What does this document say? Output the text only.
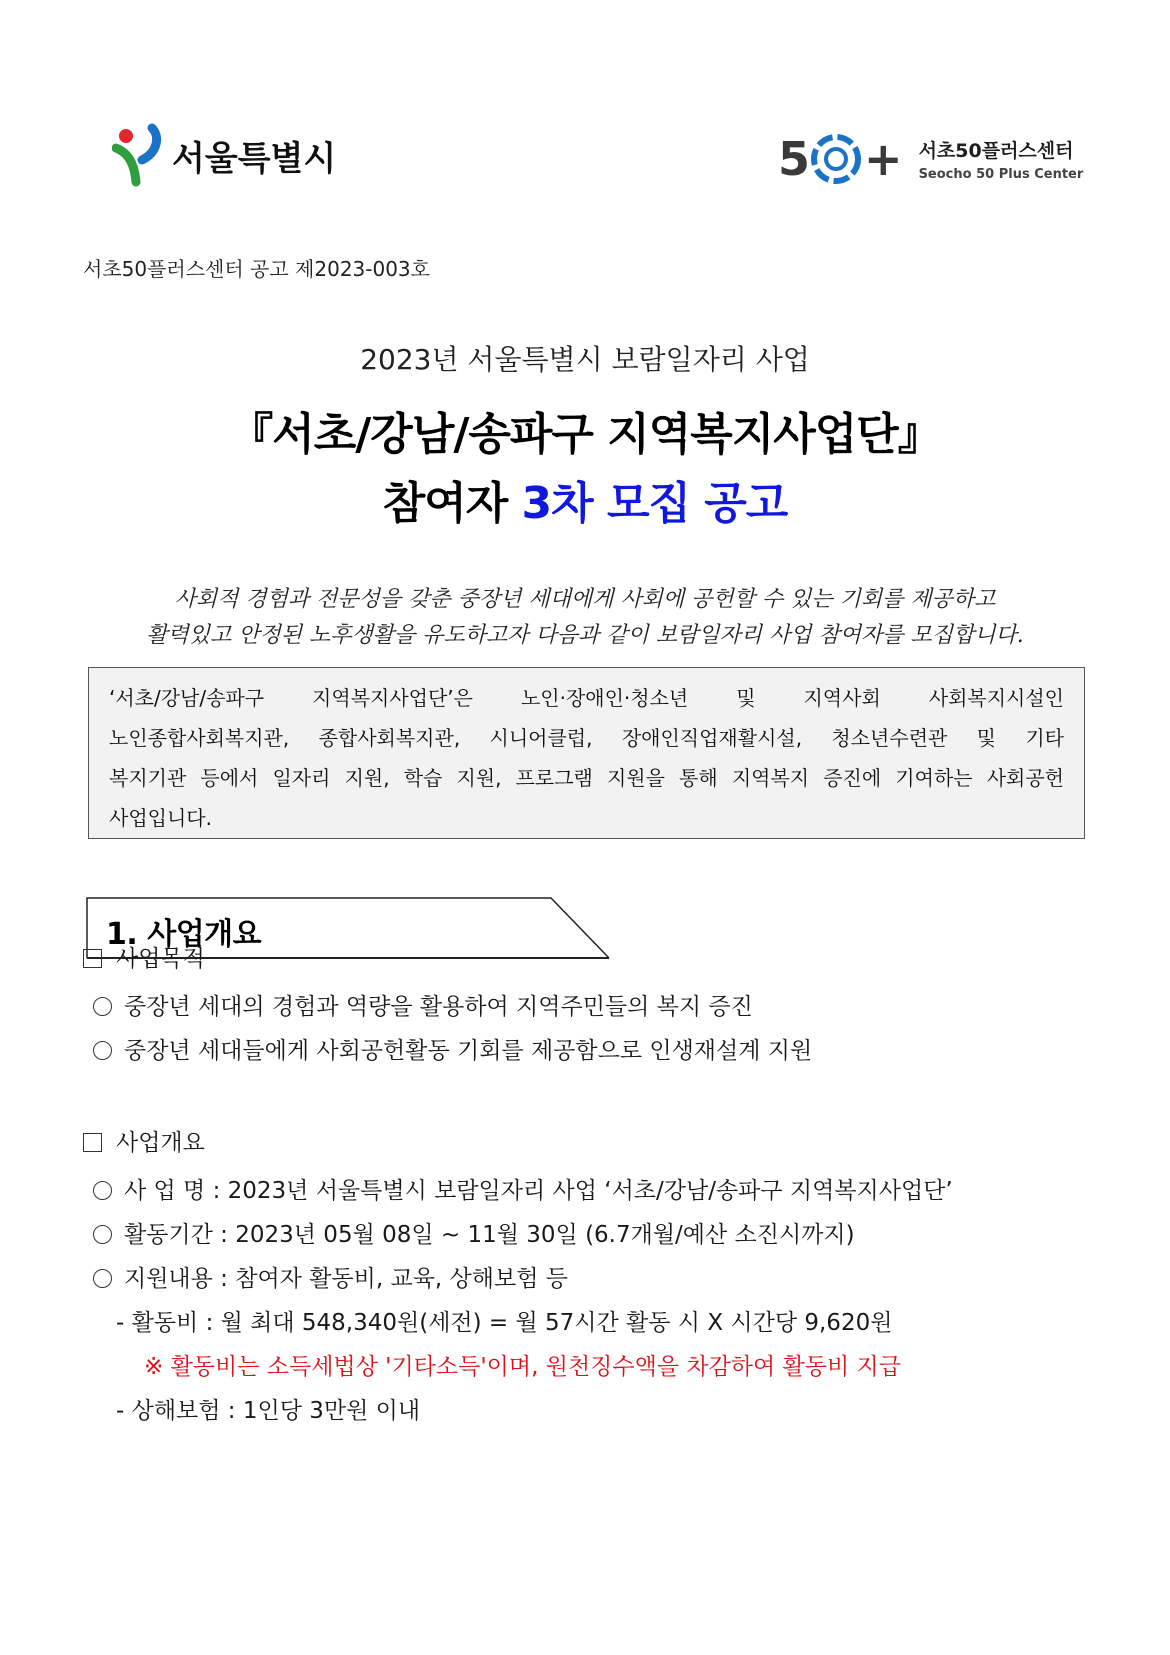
서울특별시	5 + 서초50플러스센터
Seocho 50 Plus Center
서초50플러스센터 공고 제2023-003호
2023년 서울특별시 보람일자리 사업
『서초/강남/송파구 지역복지사업단』
참여자 3차 모집 공고
사회적 경험과 전문성을 갖춘 중장년 세대에게 사회에 공헌할 수 있는 기회를 제공하고
활력있고 안정된 노후생활을 유도하고자 다음과 같이 보람일자리 사업 참여자를 모집합니다.

‘서초/강남/송파구 지역복지사업단’은 노인·장애인·청소년 및 지역사회 사회복지시설인

노인종합사회복지관, 종합사회복지관, 시니어클럽, 장애인직업재활시설, 청소년수련관 및 기타

복지기관 등에서 일자리 지원, 학습 지원, 프로그램 지원을 통해 지역복지 증진에 기여하는 사회공헌

사업입니다.

1. 사업개요
사업목적
중장년 세대의 경험과 역량을 활용하여 지역주민들의 복지 증진
중장년 세대들에게 사회공헌활동 기회를 제공함으로 인생재설계 지원
사업개요
사 업 명 : 2023년 서울특별시 보람일자리 사업 ‘서초/강남/송파구 지역복지사업단’
활동기간 : 2023년 05월 08일 ~ 11월 30일 (6.7개월/예산 소진시까지)
지원내용 : 참여자 활동비, 교육, 상해보험 등
- 활동비 : 월 최대 548,340원(세전) = 월 57시간 활동 시 X 시간당 9,620원
※ 활동비는 소득세법상 '기타소득'이며, 원천징수액을 차감하여 활동비 지급
- 상해보험 : 1인당 3만원 이내
